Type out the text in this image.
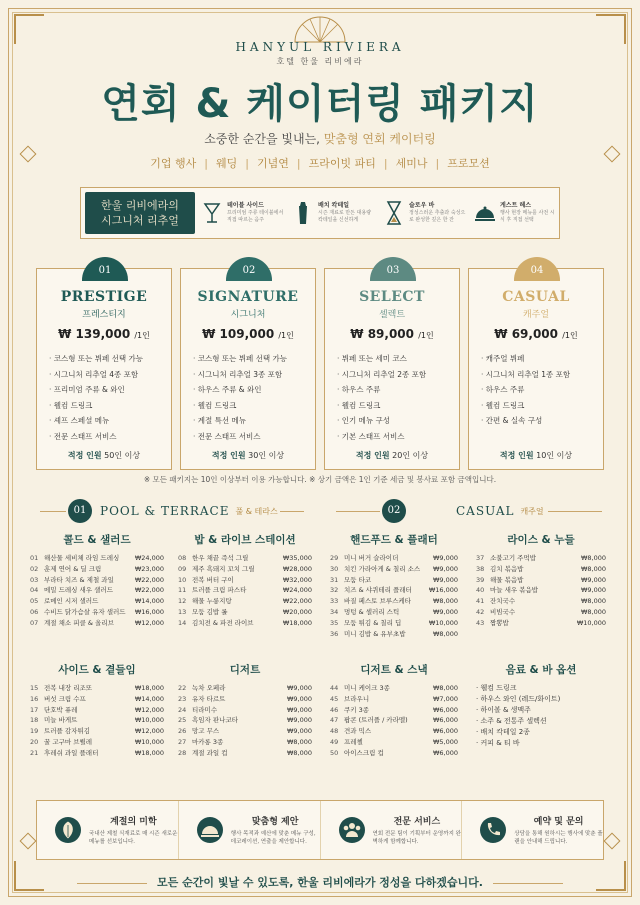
HANYUL RIVIERA
호텔 한울 리비에라
연회 & 케이터링 패키지
소중한 순간을 빛내는, 맞춤형 연회 케이터링
기업 행사 | 웨딩 | 기념연 | 프라이빗 파티 | 세미나 | 프로모션
한울 리비에라의
시그니처 리추얼
테이블 사이드
프리미엄 주류 테이블에서 직접 따르는 음주
배치 칵테일
시즌 재료로 만든 대용량 칵테일을 신선하게
슬로우 바
정성스러운 추출과 숙성으로 완성한 깊은 한 잔
게스트 헤스
행사 현장 메뉴를 사전 시식 후 직접 선택
01
PRESTIGE
프레스티지
₩ 139,000 /1인
· 코스형 또는 뷔페 선택 가능
· 시그니처 리추얼 4종 포함
· 프리미엄 주류 & 와인
· 웰컴 드링크
· 셰프 스페셜 메뉴
· 전문 스태프 서비스
적정 인원 50인 이상
02
SIGNATURE
시그니처
₩ 109,000 /1인
· 코스형 또는 뷔페 선택 가능
· 시그니처 리추얼 3종 포함
· 하우스 주류 & 와인
· 웰컴 드링크
· 계절 특선 메뉴
· 전문 스태프 서비스
적정 인원 30인 이상
03
SELECT
셀렉트
₩ 89,000 /1인
· 뷔페 또는 세미 코스
· 시그니처 리추얼 2종 포함
· 하우스 주류
· 웰컴 드링크
· 인기 메뉴 구성
· 기본 스태프 서비스
적정 인원 20인 이상
04
CASUAL
캐주얼
₩ 69,000 /1인
· 캐주얼 뷔페
· 시그니처 리추얼 1종 포함
· 하우스 주류
· 웰컴 드링크
· 간편 & 실속 구성
적정 인원 10인 이상
※ 모든 패키지는 10인 이상부터 이용 가능합니다. ※ 상기 금액은 1인 기준 세금 및 봉사료 포함 금액입니다.
01	POOL & TERRACE 풀 & 테라스	02	CASUAL 캐주얼
콜드 & 샐러드
01 해산물 세비체 라임 드레싱	₩24,000
02 훈제 연어 & 딜 크림	₩23,000
03 부라타 치즈 & 제철 과일	₩22,000
04 메밀 드레싱 새우 샐러드	₩22,000
05 로메인 시저 샐러드	₩14,000
06 수비드 닭가슴살 유자 샐러드	₩16,000
07 계절 채소 피클 & 올리브	₩12,000
밥 & 라이브 스테이션
08 한우 채끝 즉석 그릴	₩35,000
09 제주 흑돼지 꼬치 그릴	₩28,000
10 전복 버터 구이	₩32,000
11 트러플 크림 파스타	₩24,000
12 해물 누룽지탕	₩22,000
13 모둠 김밥 롤	₩20,000
14 김치전 & 파전 라이브	₩18,000
사이드 & 곁들임
15 전복 내장 리조또	₩18,000
16 버섯 크림 수프	₩14,000
17 단호박 퓨레	₩12,000
18 미늘 바게트	₩10,000
19 트러플 감자튀김	₩12,000
20 꿀 고구마 브륄레	₩10,000
21 후레쉬 과일 플래터	₩18,000
디저트
22 녹차 오페라	₩9,000
23 유자 타르트	₩9,000
24 티라미수	₩9,000
25 흑임자 판나코타	₩9,000
26 망고 무스	₩9,000
27 마카롱 3종	₩8,000
28 계절 과일 컵	₩8,000
핸드푸드 & 플래터
29 미니 버거 슬라이더	₩9,000
30 치킨 가라아게 & 칠리 소스	₩9,000
31 모둠 타코	₩9,000
32 치즈 & 샤퀴테리 플래터	₩16,000
33 바질 페스토 브루스케타	₩8,000
34 멍텅 & 셀러리 스틱	₩9,000
35 모둠 튀김 & 칠리 딥	₩10,000
36 미니 김밥 & 유부초밥	₩8,000
라이스 & 누들
37 소불고기 주먹밥	₩8,000
38 김치 볶음밥	₩8,000
39 해물 볶음밥	₩9,000
40 마늘 새우 볶음밥	₩9,000
41 잔치국수	₩8,000
42 비빔국수	₩8,000
43 짬뽕밥	₩10,000
디저트 & 스낵
44 미니 케이크 3종	₩8,000
45 브라우니	₩7,000
46 쿠키 3종	₩6,000
47 팝콘 (트러플 / 카라멜)	₩6,000
48 견과 믹스	₩6,000
49 프레첼	₩5,000
50 아이스크림 컵	₩6,000
음료 & 바 옵션
· 웰컴 드링크
· 하우스 와인 (레드/화이트)
· 하이볼 & 생맥주
· 소주 & 전통주 셀렉션
· 배치 칵테일 2종
· 커피 & 티 바
계절의 미학
국내산 제철 식재료로 매 시즌 새로운 메뉴를 선보입니다.
맞춤형 제안
행사 목적과 예산에 맞춘 메뉴 구성, 데코레이션, 연출을 제안합니다.
전문 서비스
연회 전문 팀이 기획부터 운영까지 완벽하게 함께합니다.
예약 및 문의
상담을 통해 원하시는 행사에 맞춘 플랜을 안내해 드립니다.
모든 순간이 빛날 수 있도록, 한울 리비에라가 정성을 다하겠습니다.
